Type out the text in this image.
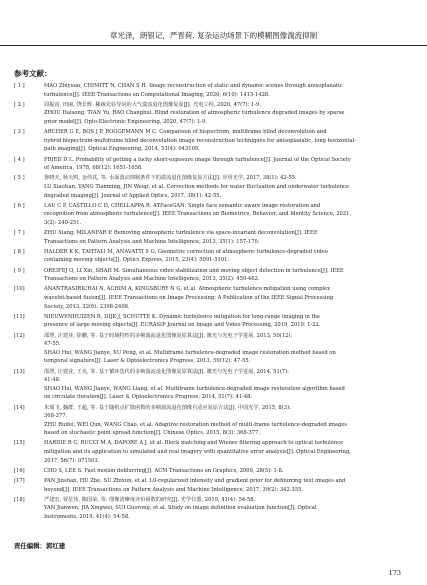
章光泽，朗银记，严晋荷. 复杂运动场景下的模糊图像湍流抑制
参考文献：
[ 1 ]	MAO Zhiyuan, CHIMITT N, CHAN S H. Image reconstruction of static and dynamic scenes through anisoplanatic
turbulence[J]. IEEE Transactions on Computational Imaging, 2020, 6(10): 1415-1428.
[ 2 ]	周振宙, 田丽, 饶长辉. 稀疏先验导向的大气湍流退化图像复原[J]. 光电工程, 2020, 47(7): 1-9.
ZHOU Haisong, TIAN Yu, RAO Changhui. Blind restoration of atmospheric turbulence degraded images by sparse
prior model[J]. Opto-Electronic Engineering, 2020, 47(7): 1-9.
[ 3 ]	ARCHER G E, BOS J P, ROGGEMANN M C. Comparison of bispectrum, multiframe blind deconvolution and
hybrid bispectrum-multiframe blind deconvolution image reconstruction techniques for anisoplanatic, long horizontal-
path imaging[J]. Optical Engineering, 2014, 53(4): 043109.
[ 4 ]	FRIED D L. Probability of getting a lucky short-exposure image through turbulence[J]. Journal of the Optical Society
of America, 1978, 68(12): 1651-1658.
[ 5 ]	鲁晓天, 杨天鸣, 金伟其, 等. 水面波动抑制条件下的湍流退化图像复原方法[J]. 应用光学, 2017, 38(1): 42-55.
LU Xiaotian, YANG Tianming, JIN Weiqi, et al. Correction methods for water fluctuation and underwater turbulence
degraded imaging[J]. Journal of Applied Optics, 2017, 38(1): 42-55.
[ 6 ]	LAU C P, CASTILLO C D, CHELLAPPA R. ATFaceGAN: Single face semantic aware image restoration and
recognition from atmospheric turbulence[J]. IEEE Transactions on Biometrics, Behavior, and Identity Science, 2021,
3(2): 240-251.
[ 7 ]	ZHU Xiang, MILANFAR P. Removing atmospheric turbulence via space-invariant deconvolution[J]. IEEE
Transactions on Pattern Analysis and Machine Intelligence, 2013, 35(1): 157-170.
[ 8 ]	HALDER K K, TAHTALI M, ANAVATTI S G. Geometric correction of atmospheric turbulence-degraded video
containing moving objects[J]. Optics Express, 2015, 23(4): 5091-5101.
[ 9 ]	OREIFEJ O, LI Xin, SHAH M. Simultaneous video stabilization and moving object detection in turbulence[J]. IEEE
Transactions on Pattern Analysis and Machine Intelligence, 2013, 35(2): 450-462.
[10]	ANANTRASIRICHAI N, ACHIM A, KINGSBURY N G, et al. Atmospheric turbulence mitigation using complex
wavelet-based fusion[J]. IEEE Transactions on Image Processing: A Publication of the IEEE Signal Processing
Society, 2013, 22(6): 2398-2408.
[11]	NIEUWENHUIZEN R, DIJK J, SCHUTTE K. Dynamic turbulence mitigation for long-range imaging in the
presence of large moving objects[J]. EURASIP Journal on Image and Video Processing, 2019, 2019: 1-22.
[12]	邵慧, 汪建业, 徐鹏, 等. 基于时域特性的多帧湍流退化图像复原算法[J]. 激光与光电子学进展, 2013, 50(12):
47-55.
SHAO Hui, WANG Jianye, XU Peng, et al. Multiframe turbulence-degraded image restoration method based on
temporal signature[J]. Laser & Optoelectronics Progress, 2013, 50(12): 47-55.
[13]	邵慧, 汪建业, 王亮, 等. 基于循环迭代的多帧湍流退化图像复原算法[J]. 激光与光电子学进展, 2014, 51(7):
41-48.
SHAO Hui, WANG Jianye, WANG Liang, et al. Multiframe turbulence-degraded image restoration algorithm based
on circulate iteration[J]. Laser & Optoelectronics Progress, 2014, 51(7): 41-48.
[14]	朱瑞飞, 魏群, 王超, 等. 基于随机点扩散函数的多帧湍流退化图像自适应复原方法[J]. 中国光学, 2015, 8(3):
368-377.
ZHU Ruifei, WEI Qun, WANG Chao, et al. Adaptive restoration method of multi-frame turbulence-degraded images
based on stochastic point spread function[J]. Chinese Optics, 2015, 8(3): 368-377.
[15]	HARDIE R C, RUCCI M A, DAPORE A J, et al. Block matching and Wiener filtering approach to optical turbulence
mitigation and its application to simulated and real imagery with quantitative error analysis[J]. Optical Engineering,
2017, 56(7): 071503.
[16]	CHO S, LEE S. Fast motion deblurring[J]. ACM Transactions on Graphics, 2009, 28(5): 1-8.
[17]	PAN Jinshan, HU Zhe, SU Zhixun, et al. L0-regularized intensity and gradient prior for deblurring text images and
beyond[J]. IEEE Transactions on Pattern Analysis and Machine Intelligence, 2017, 39(2): 342-355.
[18]	严建宏, 贾星伟, 陶国荣, 等. 图像清晰度评价函数的研究[J]. 光学仪器, 2019, 41(4): 54-58.
YAN Jianwen, JIA Xingwei, SUI Guorong, et al. Study on image definition evaluation function[J]. Optical
Instruments, 2019, 41(4): 54-58.
责任编辑：郭红建
173
